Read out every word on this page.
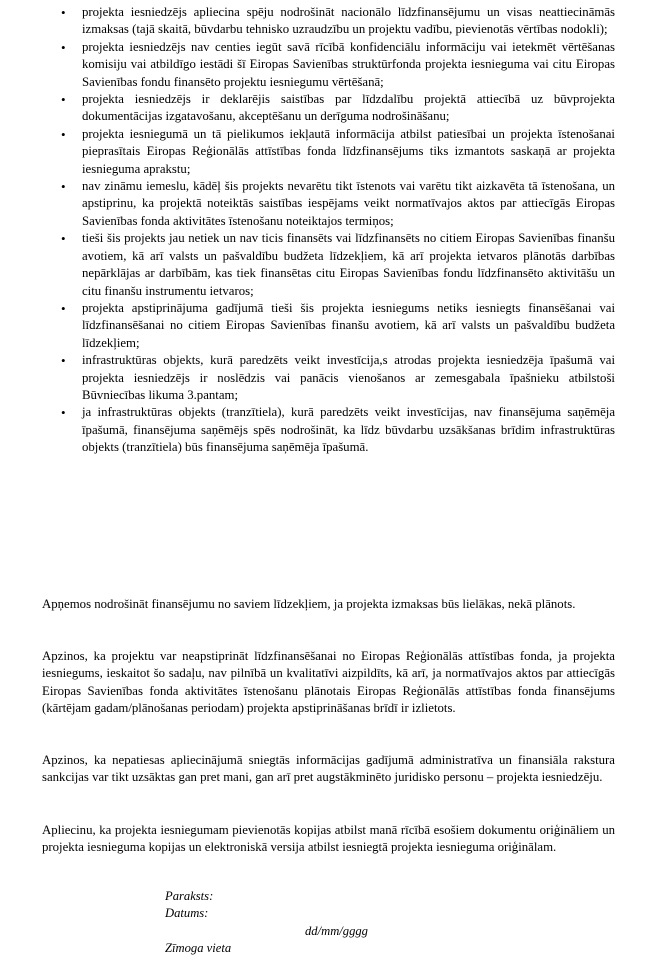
• projekta iesniedzējs apliecina spēju nodrošināt nacionālo līdzfinansējumu un visas neattiecināmās izmaksas (tajā skaitā, būvdarbu tehnisko uzraudzību un projektu vadību, pievienotās vērtības nodokli);
• projekta iesniedzējs nav centies iegūt savā rīcībā konfidenciālu informāciju vai ietekmēt vērtēšanas komisiju vai atbildīgo iestādi šī Eiropas Savienības struktūrfonda projekta iesnieguma vai citu Eiropas Savienības fondu finansēto projektu iesniegumu vērtēšanā;
• projekta iesniedzējs ir deklarējis saistības par līdzdalību projektā attiecībā uz būvprojekta dokumentācijas izgatavošanu, akceptēšanu un derīguma nodrošināšanu;
• projekta iesniegumā un tā pielikumos iekļautā informācija atbilst patiesībai un projekta īstenošanai pieprasītais Eiropas Reģionālās attīstības fonda līdzfinansējums tiks izmantots saskaņā ar projekta iesnieguma aprakstu;
• nav zināmu iemeslu, kādēļ šis projekts nevarētu tikt īstenots vai varētu tikt aizkavēta tā īstenošana, un apstiprinu, ka projektā noteiktās saistības iespējams veikt normatīvajos aktos par attiecīgās Eiropas Savienības fonda aktivitātes īstenošanu noteiktajos termiņos;
• tieši šis projekts jau netiek un nav ticis finansēts vai līdzfinansēts no citiem Eiropas Savienības finanšu avotiem, kā arī valsts un pašvaldību budžeta līdzekļiem, kā arī projekta ietvaros plānotās darbības nepārklājas ar darbībām, kas tiek finansētas citu Eiropas Savienības fondu līdzfinansēto aktivitāšu un citu finanšu instrumentu ietvaros;
• projekta apstiprinājuma gadījumā tieši šis projekta iesniegums netiks iesniegts finansēšanai vai līdzfinansēšanai no citiem Eiropas Savienības finanšu avotiem, kā arī valsts un pašvaldību budžeta līdzekļiem;
• infrastruktūras objekts, kurā paredzēts veikt investīcija,s atrodas projekta iesniedzēja īpašumā vai projekta iesniedzējs ir noslēdzis vai panācis vienošanos ar zemesgabala īpašnieku atbilstoši Būvniecības likuma 3.pantam;
• ja infrastruktūras objekts (tranzītiela), kurā paredzēts veikt investīcijas, nav finansējuma saņēmēja īpašumā, finansējuma saņēmējs spēs nodrošināt, ka līdz būvdarbu uzsākšanas brīdim infrastruktūras objekts (tranzītiela) būs finansējuma saņēmēja īpašumā.

Apņemos nodrošināt finansējumu no saviem līdzekļiem, ja projekta izmaksas būs lielākas, nekā plānots.

Apzinos, ka projektu var neapstiprināt līdzfinansēšanai no Eiropas Reģionālās attīstības fonda, ja projekta iesniegums, ieskaitot šo sadaļu, nav pilnībā un kvalitatīvi aizpildīts, kā arī, ja normatīvajos aktos par attiecīgās Eiropas Savienības fonda aktivitātes īstenošanu plānotais Eiropas Reģionālās attīstības fonda finansējums (kārtējam gadam/plānošanas periodam) projekta apstiprināšanas brīdī ir izlietots.

Apzinos, ka nepatiesas apliecinājumā sniegtās informācijas gadījumā administratīva un finansiāla rakstura sankcijas var tikt uzsāktas gan pret mani, gan arī pret augstākminēto juridisko personu – projekta iesniedzēju.

Apliecinu, ka projekta iesniegumam pievienotās kopijas atbilst manā rīcībā esošiem dokumentu oriģināliem un projekta iesnieguma kopijas un elektroniskā versija atbilst iesniegtā projekta iesnieguma oriģinālam.

Paraksts:
Datums:
dd/mm/gggg
Zīmoga vieta
